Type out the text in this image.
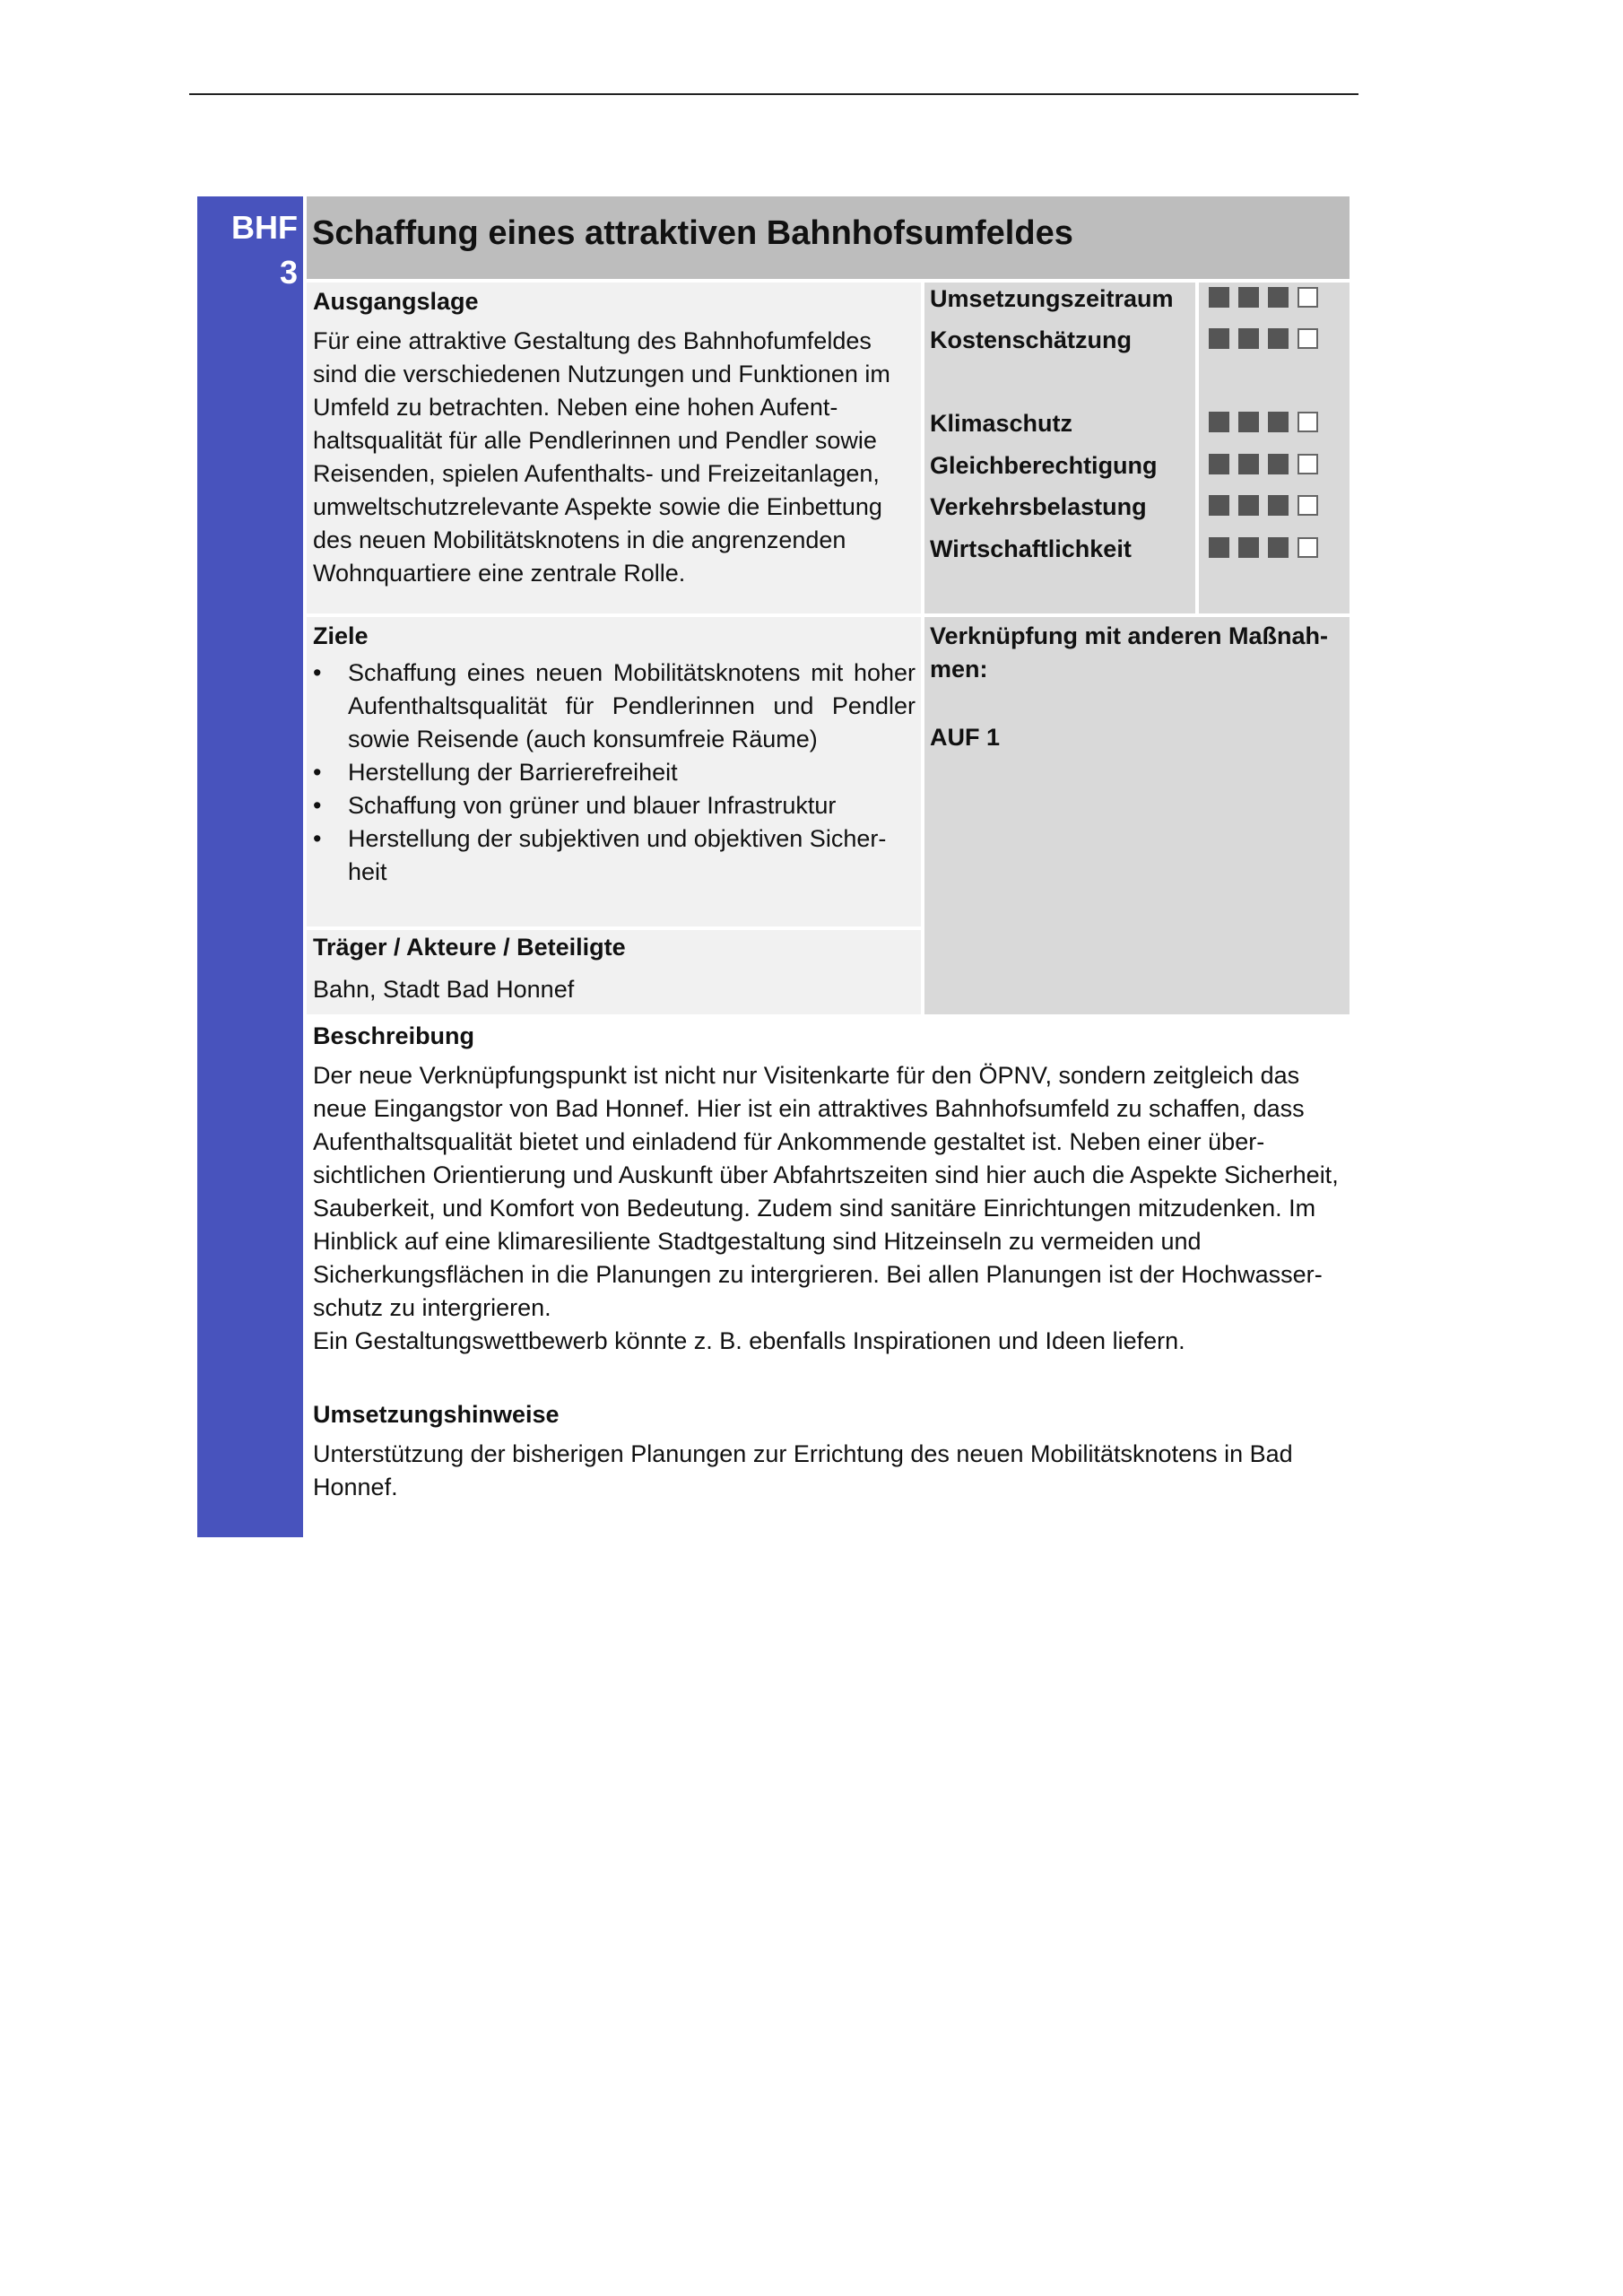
BHF
3
Schaffung eines attraktiven Bahnhofsumfeldes
Ausgangslage
Für eine attraktive Gestaltung des Bahnhofumfeldes sind die verschiedenen Nutzungen und Funktionen im Umfeld zu betrachten. Neben eine hohen Aufenthaltsqualität für alle Pendlerinnen und Pendler sowie Reisenden, spielen Aufenthalts- und Freizeitanlagen, umweltschutzrelevante Aspekte sowie die Einbettung des neuen Mobilitätsknotens in die angrenzenden Wohnquartiere eine zentrale Rolle.
Umsetzungszeitraum
Kostenschätzung
Klimaschutz
Gleichberechtigung
Verkehrsbelastung
Wirtschaftlichkeit
Ziele
• Schaffung eines neuen Mobilitätsknotens mit hoher Aufenthaltsqualität für Pendlerinnen und Pendler sowie Reisende (auch konsumfreie Räume)
• Herstellung der Barrierefreiheit
• Schaffung von grüner und blauer Infrastruktur
• Herstellung der subjektiven und objektiven Sicherheit
Träger / Akteure / Beteiligte
Bahn, Stadt Bad Honnef
Verknüpfung mit anderen Maßnahmen:
AUF 1
Beschreibung
Der neue Verknüpfungspunkt ist nicht nur Visitenkarte für den ÖPNV, sondern zeitgleich das neue Eingangstor von Bad Honnef. Hier ist ein attraktives Bahnhofsumfeld zu schaffen, dass Aufenthaltsqualität bietet und einladend für Ankommende gestaltet ist. Neben einer übersichtlichen Orientierung und Auskunft über Abfahrtszeiten sind hier auch die Aspekte Sicherheit, Sauberkeit, und Komfort von Bedeutung. Zudem sind sanitäre Einrichtungen mitzudenken. Im Hinblick auf eine klimaresiliente Stadtgestaltung sind Hitzeinseln zu vermeiden und Sicherkungsflächen in die Planungen zu intergrieren. Bei allen Planungen ist der Hochwasserschutz zu intergrieren.
Ein Gestaltungswettbewerb könnte z. B. ebenfalls Inspirationen und Ideen liefern.
Umsetzungshinweise
Unterstützung der bisherigen Planungen zur Errichtung des neuen Mobilitätsknotens in Bad Honnef.
